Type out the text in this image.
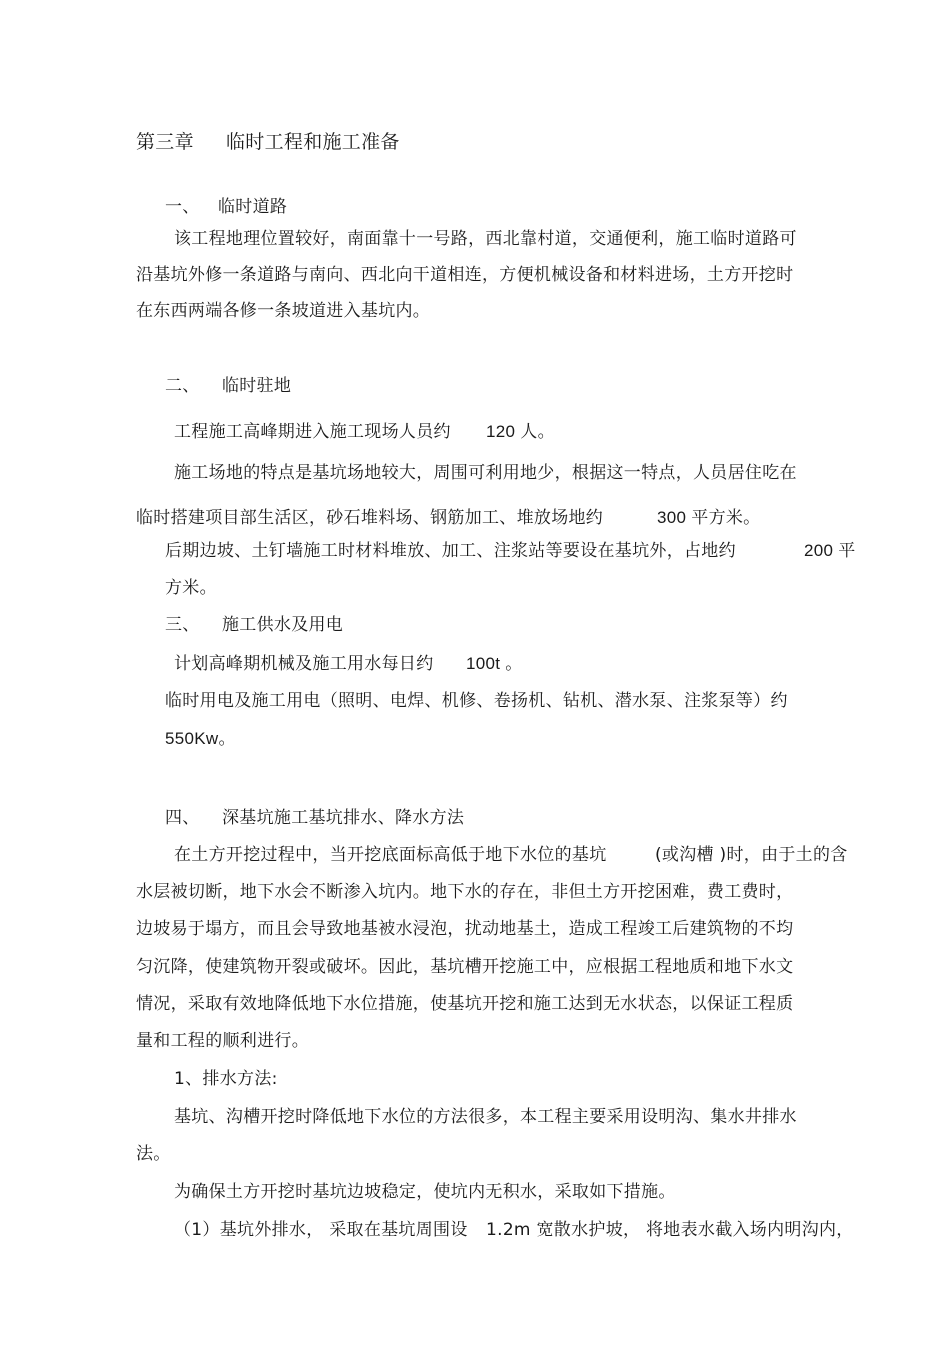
第三章 临时工程和施工准备
一、 临时道路
该工程地理位置较好，南面靠十一号路，西北靠村道，交通便利，施工临时道路可
沿基坑外修一条道路与南向、西北向干道相连，方便机械设备和材料进场，土方开挖时
在东西两端各修一条坡道进入基坑内。
二、 临时驻地
工程施工高峰期进入施工现场人员约 120 人。
施工场地的特点是基坑场地较大，周围可利用地少，根据这一特点，人员居住吃在
临时搭建项目部生活区，砂石堆料场、钢筋加工、堆放场地约	300 平方米。
后期边坡、土钉墙施工时材料堆放、加工、注浆站等要设在基坑外，占地约	200 平
方米。
三、 施工供水及用电
计划高峰期机械及施工用水每日约 100t 。
临时用电及施工用电（照明、电焊、机修、卷扬机、钻机、潜水泵、注浆泵等）约
550Kw。
四、 深基坑施工基坑排水、降水方法
在土方开挖过程中，当开挖底面标高低于地下水位的基坑	(或沟槽 )时，由于土的含
水层被切断，地下水会不断渗入坑内。地下水的存在，非但土方开挖困难，费工费时，
边坡易于塌方，而且会导致地基被水浸泡，扰动地基土，造成工程竣工后建筑物的不均
匀沉降，使建筑物开裂或破坏。因此，基坑槽开挖施工中，应根据工程地质和地下水文
情况，采取有效地降低地下水位措施，使基坑开挖和施工达到无水状态，以保证工程质
量和工程的顺利进行。
1、排水方法:
基坑、沟槽开挖时降低地下水位的方法很多，本工程主要采用设明沟、集水井排水
法。
为确保土方开挖时基坑边坡稳定，使坑内无积水，采取如下措施。
（1）基坑外排水， 采取在基坑周围设 1.2m 宽散水护坡， 将地表水截入场内明沟内，
